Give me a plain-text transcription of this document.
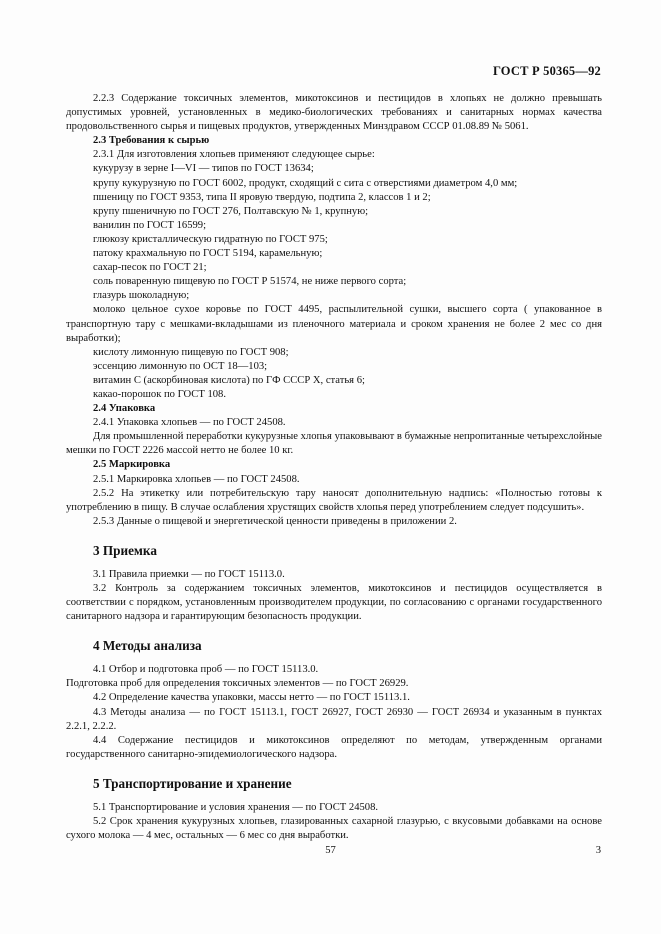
ГОСТ Р 50365—92

2.2.3 Содержание токсичных элементов, микотоксинов и пестицидов в хлопьях не должно превышать допустимых уровней, установленных в медико-биологических требованиях и санитарных нормах качества продовольственного сырья и пищевых продуктов, утвержденных Минздравом СССР 01.08.89 № 5061.

2.3 Требования к сырью

2.3.1 Для изготовления хлопьев применяют следующее сырье:

кукурузу в зерне I—VI — типов по ГОСТ 13634;

крупу кукурузную по ГОСТ 6002, продукт, сходящий с сита с отверстиями диаметром 4,0 мм;

пшеницу по ГОСТ 9353, типа II яровую твердую, подтипа 2, классов 1 и 2;

крупу пшеничную по ГОСТ 276, Полтавскую № 1, крупную;

ванилин по ГОСТ 16599;

глюкозу кристаллическую гидратную по ГОСТ 975;

патоку крахмальную по ГОСТ 5194, карамельную;

сахар-песок по ГОСТ 21;

соль поваренную пищевую по ГОСТ Р 51574, не ниже первого сорта;

глазурь шоколадную;

молоко цельное сухое коровье по ГОСТ 4495, распылительной сушки, высшего сорта ( упакованное в транспортную тару с мешками-вкладышами из пленочного материала и сроком хранения не более 2 мес со дня выработки);

кислоту лимонную пищевую по ГОСТ 908;

эссенцию лимонную по ОСТ 18—103;

витамин С (аскорбиновая кислота) по ГФ СССР X, статья 6;

какао-порошок по ГОСТ 108.

2.4 Упаковка

2.4.1 Упаковка хлопьев — по ГОСТ 24508.

Для промышленной переработки кукурузные хлопья упаковывают в бумажные непропитанные четырехслойные мешки по ГОСТ 2226 массой нетто не более 10 кг.

2.5 Маркировка

2.5.1 Маркировка хлопьев — по ГОСТ 24508.

2.5.2 На этикетку или потребительскую тару наносят дополнительную надпись: «Полностью готовы к употреблению в пищу. В случае ослабления хрустящих свойств хлопья перед употреблением следует подсушить».

2.5.3 Данные о пищевой и энергетической ценности приведены в приложении 2.

3 Приемка

3.1 Правила приемки — по ГОСТ 15113.0.

3.2 Контроль за содержанием токсичных элементов, микотоксинов и пестицидов осуществляется в соответствии с порядком, установленным производителем продукции, по согласованию с органами государственного санитарного надзора и гарантирующим безопасность продукции.

4 Методы анализа

4.1 Отбор и подготовка проб — по ГОСТ 15113.0.

Подготовка проб для определения токсичных элементов — по ГОСТ 26929.

4.2 Определение качества упаковки, массы нетто — по ГОСТ 15113.1.

4.3 Методы анализа — по ГОСТ 15113.1, ГОСТ 26927, ГОСТ 26930 — ГОСТ 26934 и указанным в пунктах 2.2.1, 2.2.2.

4.4 Содержание пестицидов и микотоксинов определяют по методам, утвержденным органами государственного санитарно-эпидемиологического надзора.

5 Транспортирование и хранение

5.1 Транспортирование и условия хранения — по ГОСТ 24508.

5.2 Срок хранения кукурузных хлопьев, глазированных сахарной глазурью, с вкусовыми добавками на основе сухого молока — 4 мес, остальных — 6 мес со дня выработки.

57	3
